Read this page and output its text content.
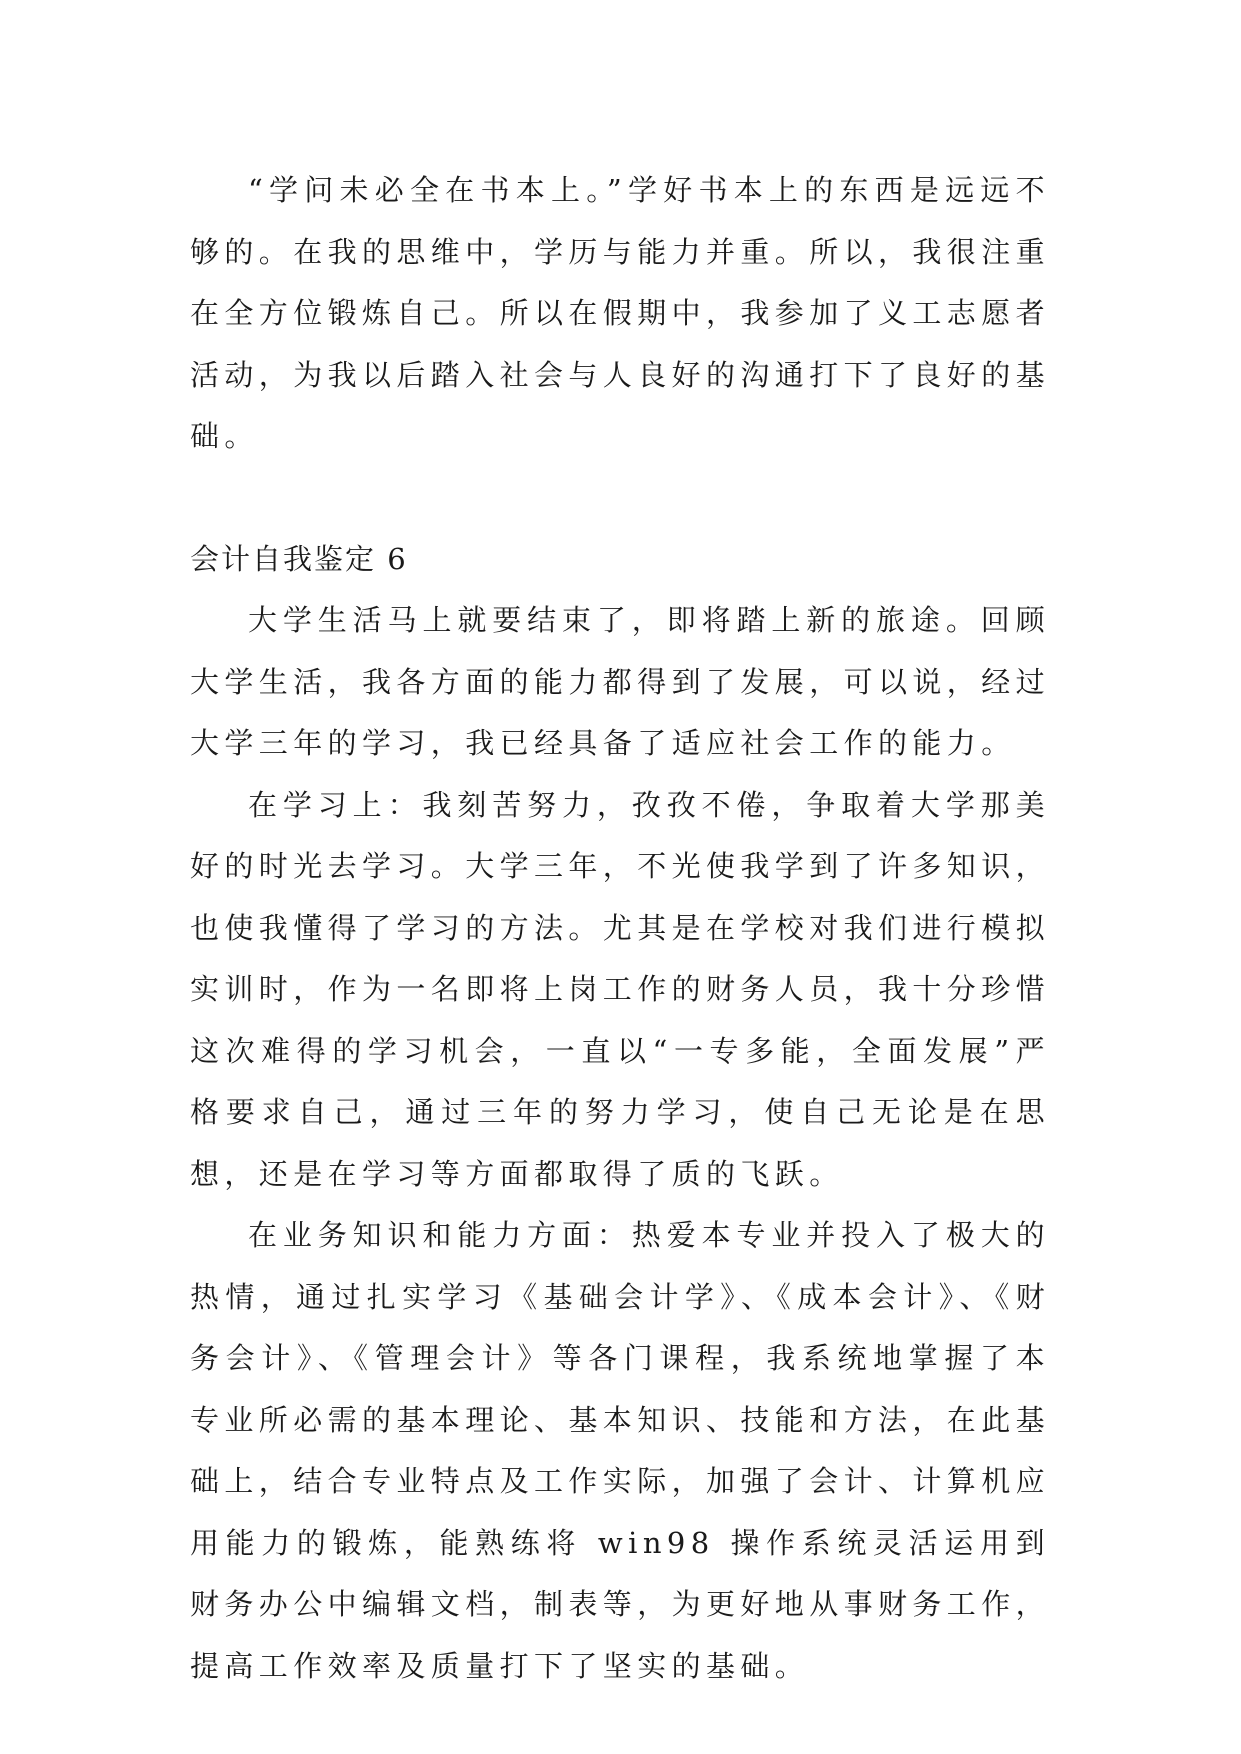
“学问未必全在书本上。”学好书本上的东西是远远不够的。在我的思维中，学历与能力并重。所以，我很注重在全方位锻炼自己。所以在假期中，我参加了义工志愿者活动，为我以后踏入社会与人良好的沟通打下了良好的基础。

会计自我鉴定 6

大学生活马上就要结束了，即将踏上新的旅途。回顾大学生活，我各方面的能力都得到了发展，可以说，经过大学三年的学习，我已经具备了适应社会工作的能力。

在学习上：我刻苦努力，孜孜不倦，争取着大学那美好的时光去学习。大学三年，不光使我学到了许多知识，也使我懂得了学习的方法。尤其是在学校对我们进行模拟实训时，作为一名即将上岗工作的财务人员，我十分珍惜这次难得的学习机会，一直以“一专多能，全面发展”严格要求自己，通过三年的努力学习，使自己无论是在思想，还是在学习等方面都取得了质的飞跃。

在业务知识和能力方面：热爱本专业并投入了极大的热情，通过扎实学习《基础会计学》、《成本会计》、《财务会计》、《管理会计》等各门课程，我系统地掌握了本专业所必需的基本理论、基本知识、技能和方法，在此基础上，结合专业特点及工作实际，加强了会计、计算机应用能力的锻炼，能熟练将 win98 操作系统灵活运用到财务办公中编辑文档，制表等，为更好地从事财务工作，提高工作效率及质量打下了坚实的基础。
